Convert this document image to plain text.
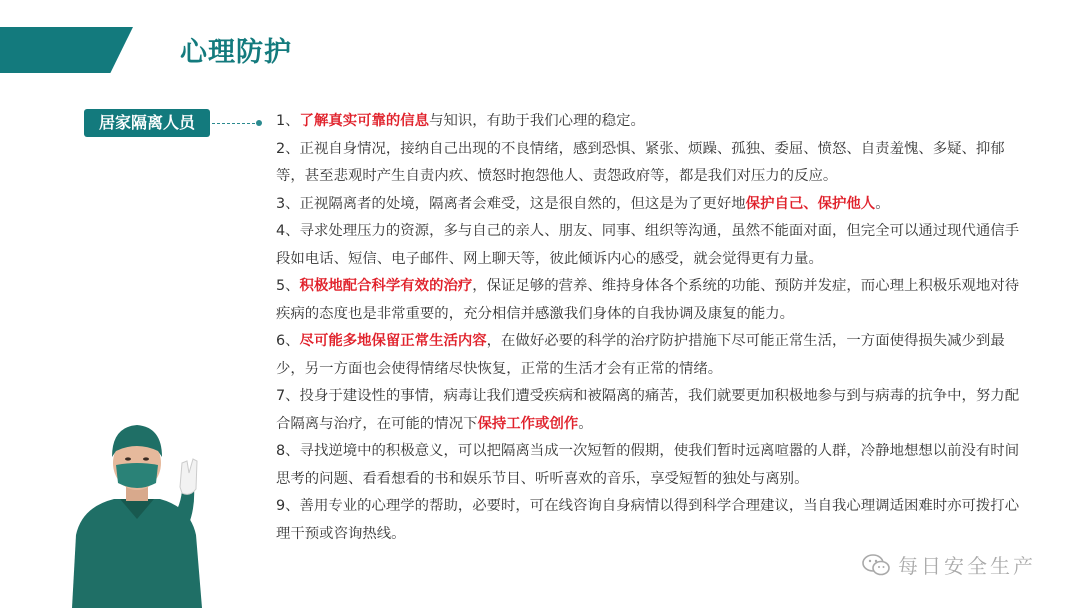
心理防护
居家隔离人员	1、了解真实可靠的信息与知识，有助于我们心理的稳定。
2、正视自身情况，接纳自己出现的不良情绪，感到恐惧、紧张、烦躁、孤独、委屈、愤怒、自责羞愧、多疑、抑郁等，甚至悲观时产生自责内疚、愤怒时抱怨他人、责怨政府等，都是我们对压力的反应。
3、正视隔离者的处境，隔离者会难受，这是很自然的，但这是为了更好地保护自己、保护他人。
4、寻求处理压力的资源，多与自己的亲人、朋友、同事、组织等沟通，虽然不能面对面，但完全可以通过现代通信手段如电话、短信、电子邮件、网上聊天等，彼此倾诉内心的感受，就会觉得更有力量。
5、积极地配合科学有效的治疗，保证足够的营养、维持身体各个系统的功能、预防并发症，而心理上积极乐观地对待疾病的态度也是非常重要的，充分相信并感激我们身体的自我协调及康复的能力。
6、尽可能多地保留正常生活内容，在做好必要的科学的治疗防护措施下尽可能正常生活，一方面使得损失减少到最少，另一方面也会使得情绪尽快恢复，正常的生活才会有正常的情绪。
7、投身于建设性的事情，病毒让我们遭受疾病和被隔离的痛苦，我们就要更加积极地参与到与病毒的抗争中，努力配合隔离与治疗，在可能的情况下保持工作或创作。
8、寻找逆境中的积极意义，可以把隔离当成一次短暂的假期，使我们暂时远离喧嚣的人群，冷静地想想以前没有时间思考的问题、看看想看的书和娱乐节目、听听喜欢的音乐，享受短暂的独处与离别。
9、善用专业的心理学的帮助，必要时，可在线咨询自身病情以得到科学合理建议，当自我心理调适困难时亦可拨打心理干预或咨询热线。
每日安全生产
